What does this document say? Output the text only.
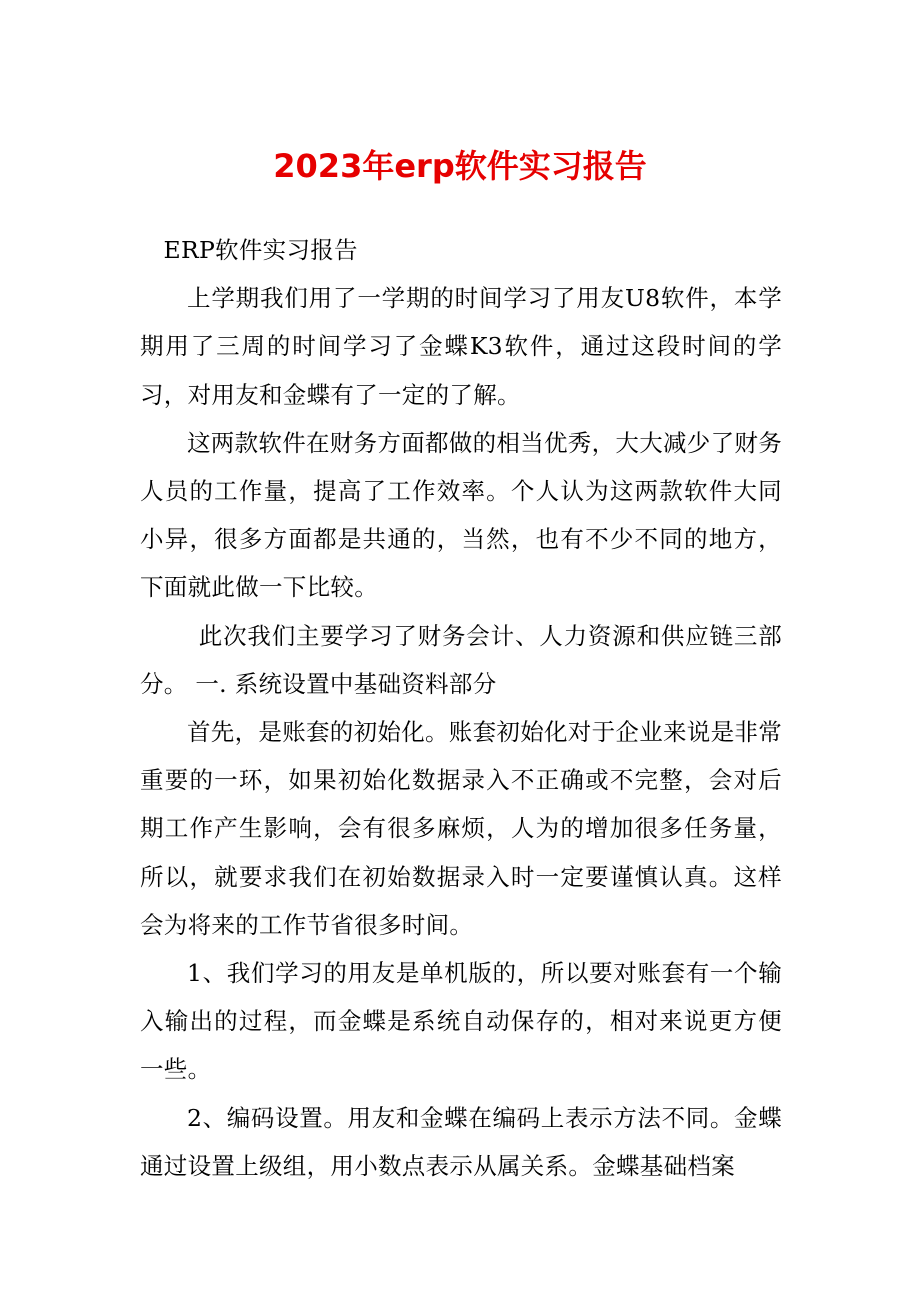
2023年erp软件实习报告

ERP软件实习报告

上学期我们用了一学期的时间学习了用友U8软件，本学期用了三周的时间学习了金蝶K3软件，通过这段时间的学习，对用友和金蝶有了一定的了解。

这两款软件在财务方面都做的相当优秀，大大减少了财务人员的工作量，提高了工作效率。个人认为这两款软件大同小异，很多方面都是共通的，当然，也有不少不同的地方，下面就此做一下比较。

此次我们主要学习了财务会计、人力资源和供应链三部分。 一. 系统设置中基础资料部分

首先，是账套的初始化。账套初始化对于企业来说是非常重要的一环，如果初始化数据录入不正确或不完整，会对后期工作产生影响，会有很多麻烦，人为的增加很多任务量，所以，就要求我们在初始数据录入时一定要谨慎认真。这样会为将来的工作节省很多时间。

1、我们学习的用友是单机版的，所以要对账套有一个输入输出的过程，而金蝶是系统自动保存的，相对来说更方便一些。

2、编码设置。用友和金蝶在编码上表示方法不同。金蝶通过设置上级组，用小数点表示从属关系。金蝶基础档案
